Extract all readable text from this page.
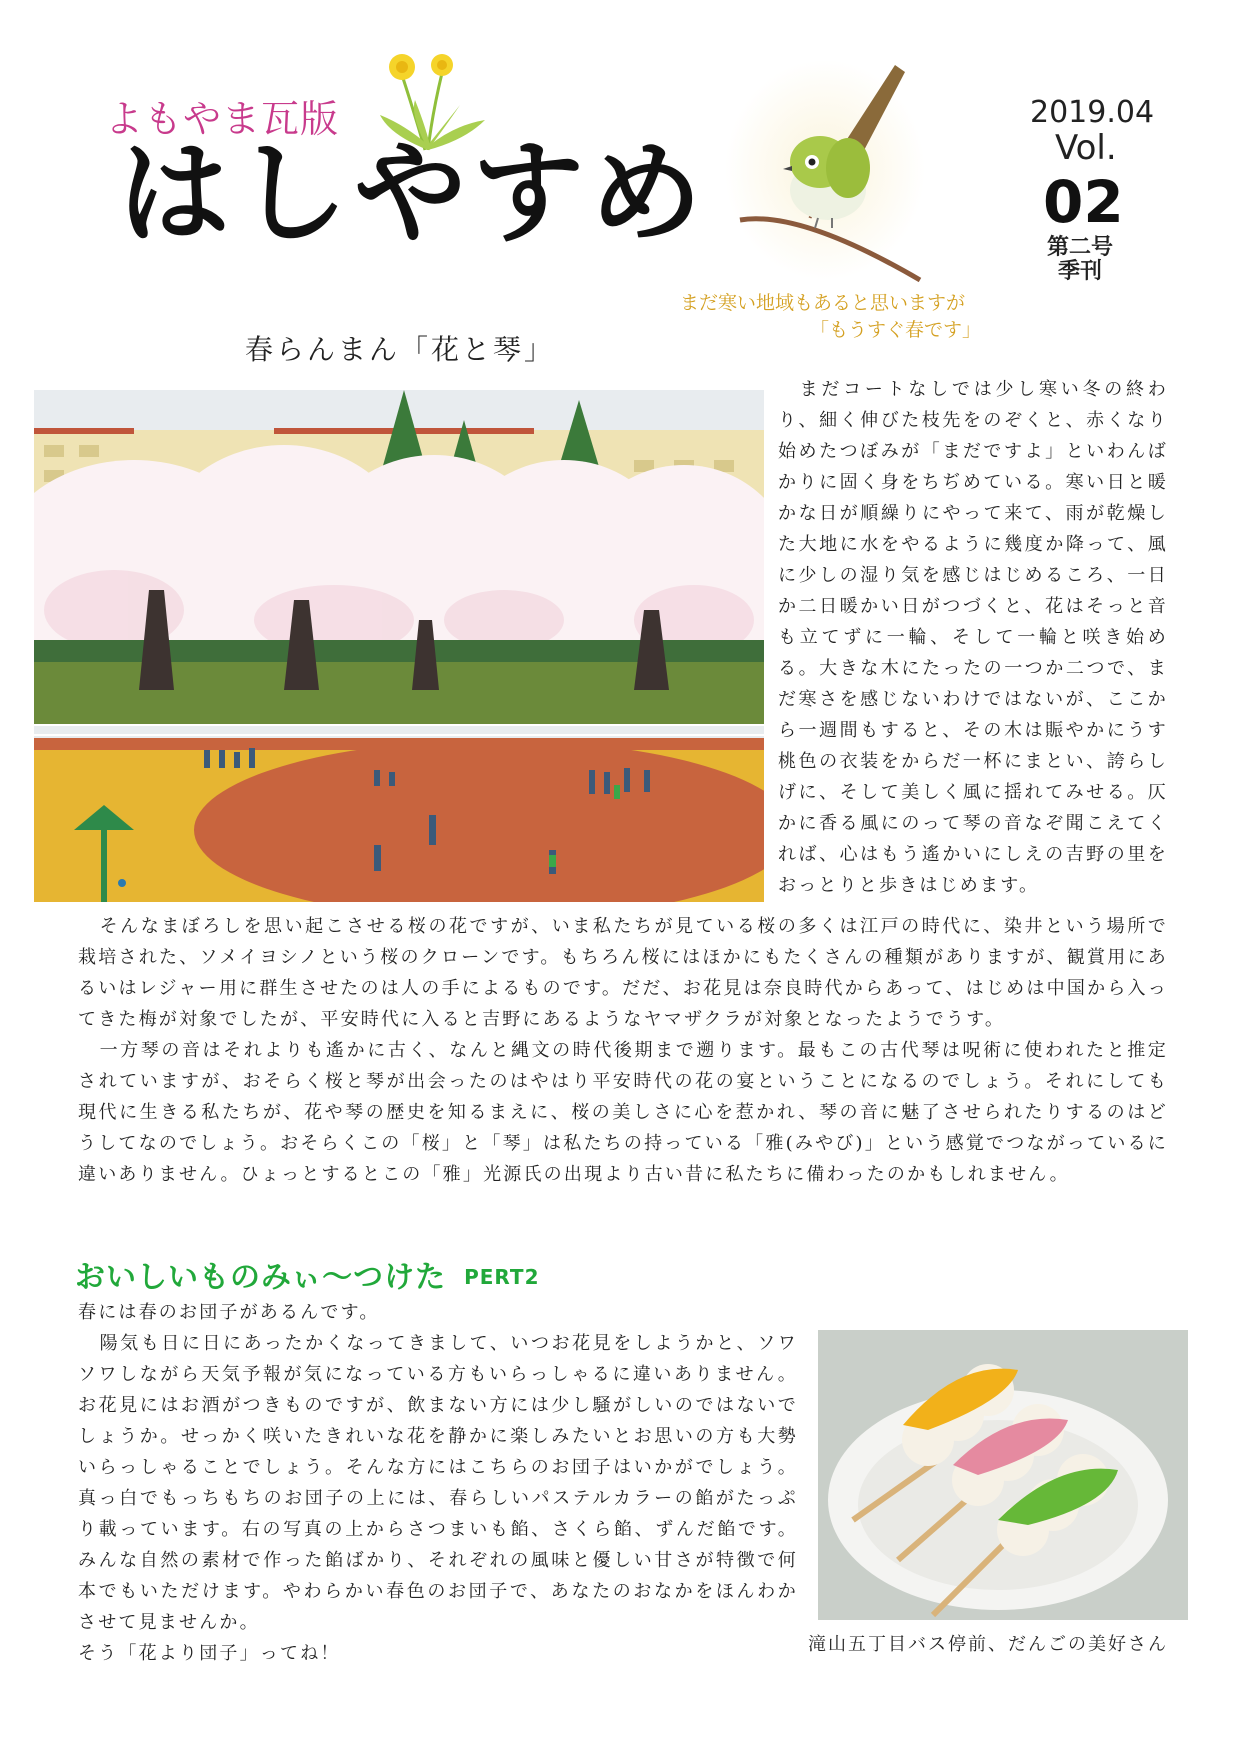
よもやま瓦版
はしやすめ
2019.04
Vol.
02
第二号
季刊
まだ寒い地域もあると思いますが
「もうすぐ春です」
春らんまん「花と琴」

まだコートなしでは少し寒い冬の終わり、細く伸びた枝先をのぞくと、赤くなり始めたつぼみが「まだですよ」といわんばかりに固く身をちぢめている。寒い日と暖かな日が順繰りにやって来て、雨が乾燥した大地に水をやるように幾度か降って、風に少しの湿り気を感じはじめるころ、一日か二日暖かい日がつづくと、花はそっと音も立てずに一輪、そして一輪と咲き始める。大きな木にたったの一つか二つで、まだ寒さを感じないわけではないが、ここから一週間もすると、その木は賑やかにうす桃色の衣装をからだ一杯にまとい、誇らしげに、そして美しく風に揺れてみせる。仄かに香る風にのって琴の音なぞ聞こえてくれば、心はもう遙かいにしえの吉野の里をおっとりと歩きはじめます。

そんなまぼろしを思い起こさせる桜の花ですが、いま私たちが見ている桜の多くは江戸の時代に、染井という場所で栽培された、ソメイヨシノという桜のクローンです。もちろん桜にはほかにもたくさんの種類がありますが、観賞用にあるいはレジャー用に群生させたのは人の手によるものです。だだ、お花見は奈良時代からあって、はじめは中国から入ってきた梅が対象でしたが、平安時代に入ると吉野にあるようなヤマザクラが対象となったようでうす。

一方琴の音はそれよりも遙かに古く、なんと縄文の時代後期まで遡ります。最もこの古代琴は呪術に使われたと推定されていますが、おそらく桜と琴が出会ったのはやはり平安時代の花の宴ということになるのでしょう。それにしても現代に生きる私たちが、花や琴の歴史を知るまえに、桜の美しさに心を惹かれ、琴の音に魅了させられたりするのはどうしてなのでしょう。おそらくこの「桜」と「琴」は私たちの持っている「雅(みやび)」という感覚でつながっているに違いありません。ひょっとするとこの「雅」光源氏の出現より古い昔に私たちに備わったのかもしれません。

おいしいものみぃ〜つけた PERT2

春には春のお団子があるんです。

陽気も日に日にあったかくなってきまして、いつお花見をしようかと、ソワソワしながら天気予報が気になっている方もいらっしゃるに違いありません。お花見にはお酒がつきものですが、飲まない方には少し騒がしいのではないでしょうか。せっかく咲いたきれいな花を静かに楽しみたいとお思いの方も大勢いらっしゃることでしょう。そんな方にはこちらのお団子はいかがでしょう。真っ白でもっちもちのお団子の上には、春らしいパステルカラーの餡がたっぷり載っています。右の写真の上からさつまいも餡、さくら餡、ずんだ餡です。みんな自然の素材で作った餡ばかり、それぞれの風味と優しい甘さが特徴で何本でもいただけます。やわらかい春色のお団子で、あなたのおなかをほんわかさせて見ませんか。

そう「花より団子」ってね！	滝山五丁目バス停前、だんごの美好さん
